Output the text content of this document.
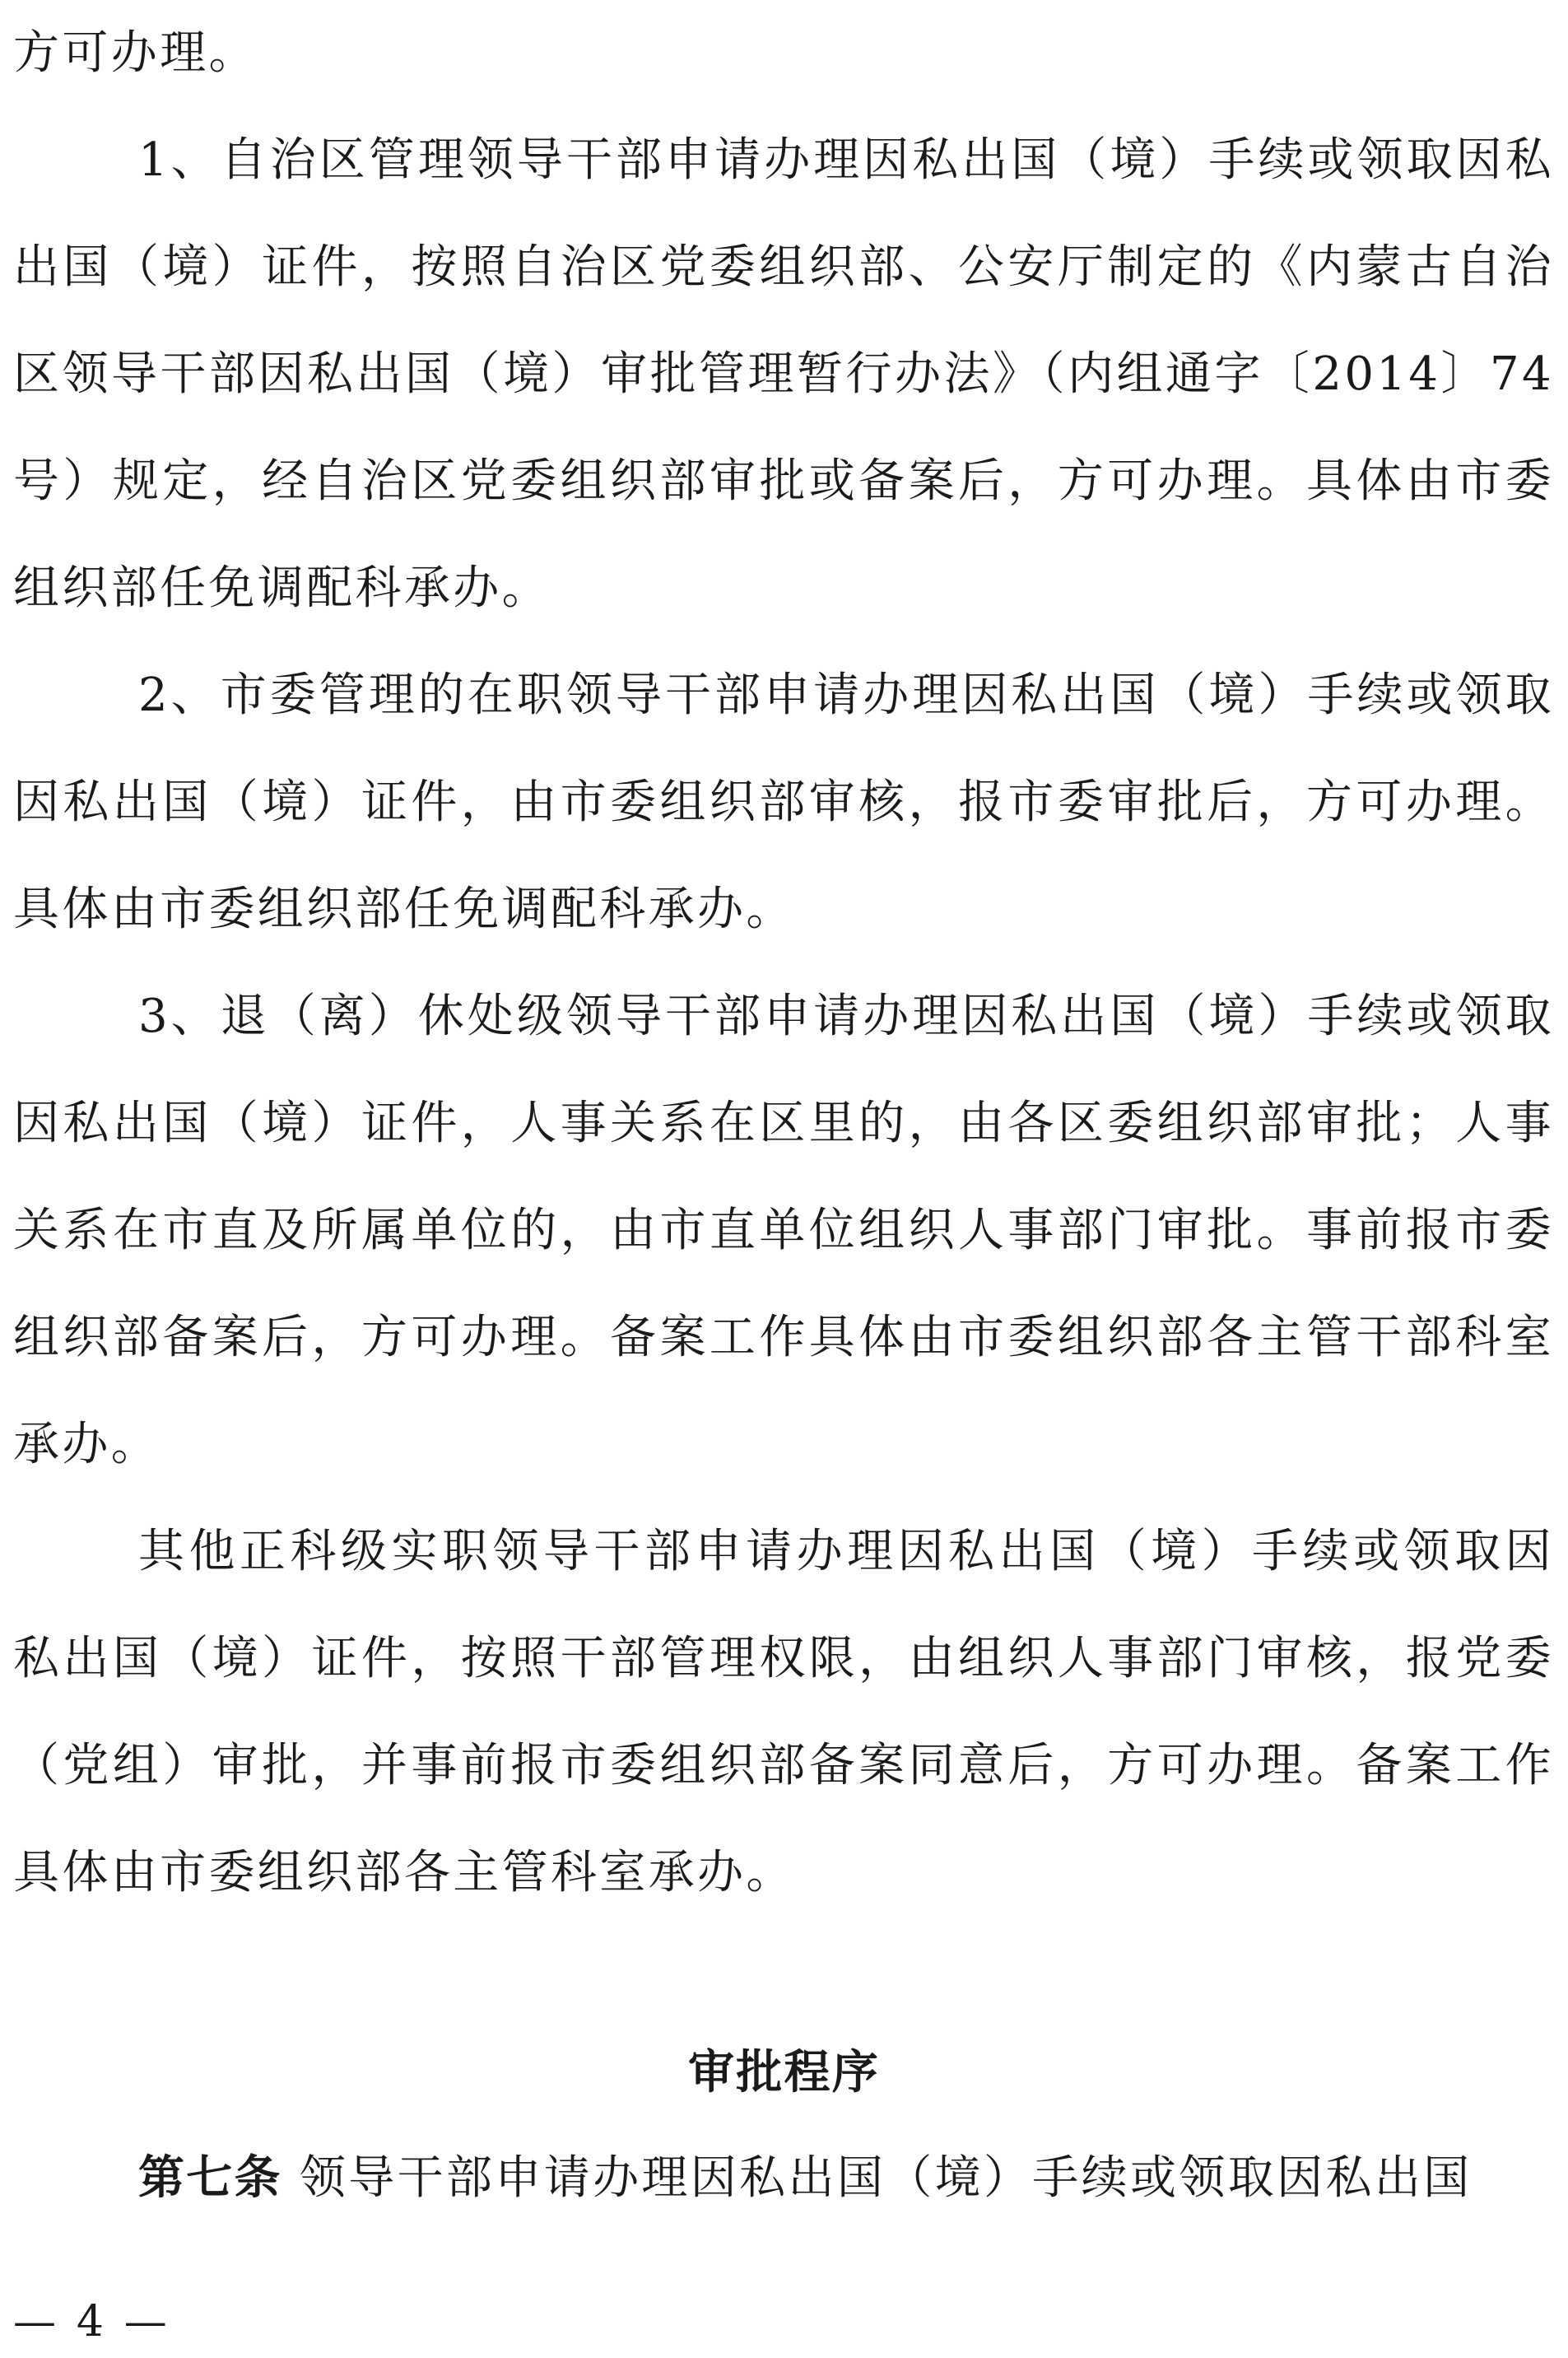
方可办理。

1、自治区管理领导干部申请办理因私出国（境）手续或领取因私出国（境）证件，按照自治区党委组织部、公安厅制定的《内蒙古自治区领导干部因私出国（境）审批管理暂行办法》（内组通字〔2014〕74号）规定，经自治区党委组织部审批或备案后，方可办理。具体由市委组织部任免调配科承办。

2、市委管理的在职领导干部申请办理因私出国（境）手续或领取因私出国（境）证件，由市委组织部审核，报市委审批后，方可办理。具体由市委组织部任免调配科承办。

3、退（离）休处级领导干部申请办理因私出国（境）手续或领取因私出国（境）证件，人事关系在区里的，由各区委组织部审批；人事关系在市直及所属单位的，由市直单位组织人事部门审批。事前报市委组织部备案后，方可办理。备案工作具体由市委组织部各主管干部科室承办。

其他正科级实职领导干部申请办理因私出国（境）手续或领取因私出国（境）证件，按照干部管理权限，由组织人事部门审核，报党委（党组）审批，并事前报市委组织部备案同意后，方可办理。备案工作具体由市委组织部各主管科室承办。

审批程序

第七条 领导干部申请办理因私出国（境）手续或领取因私出国

— 4 —
